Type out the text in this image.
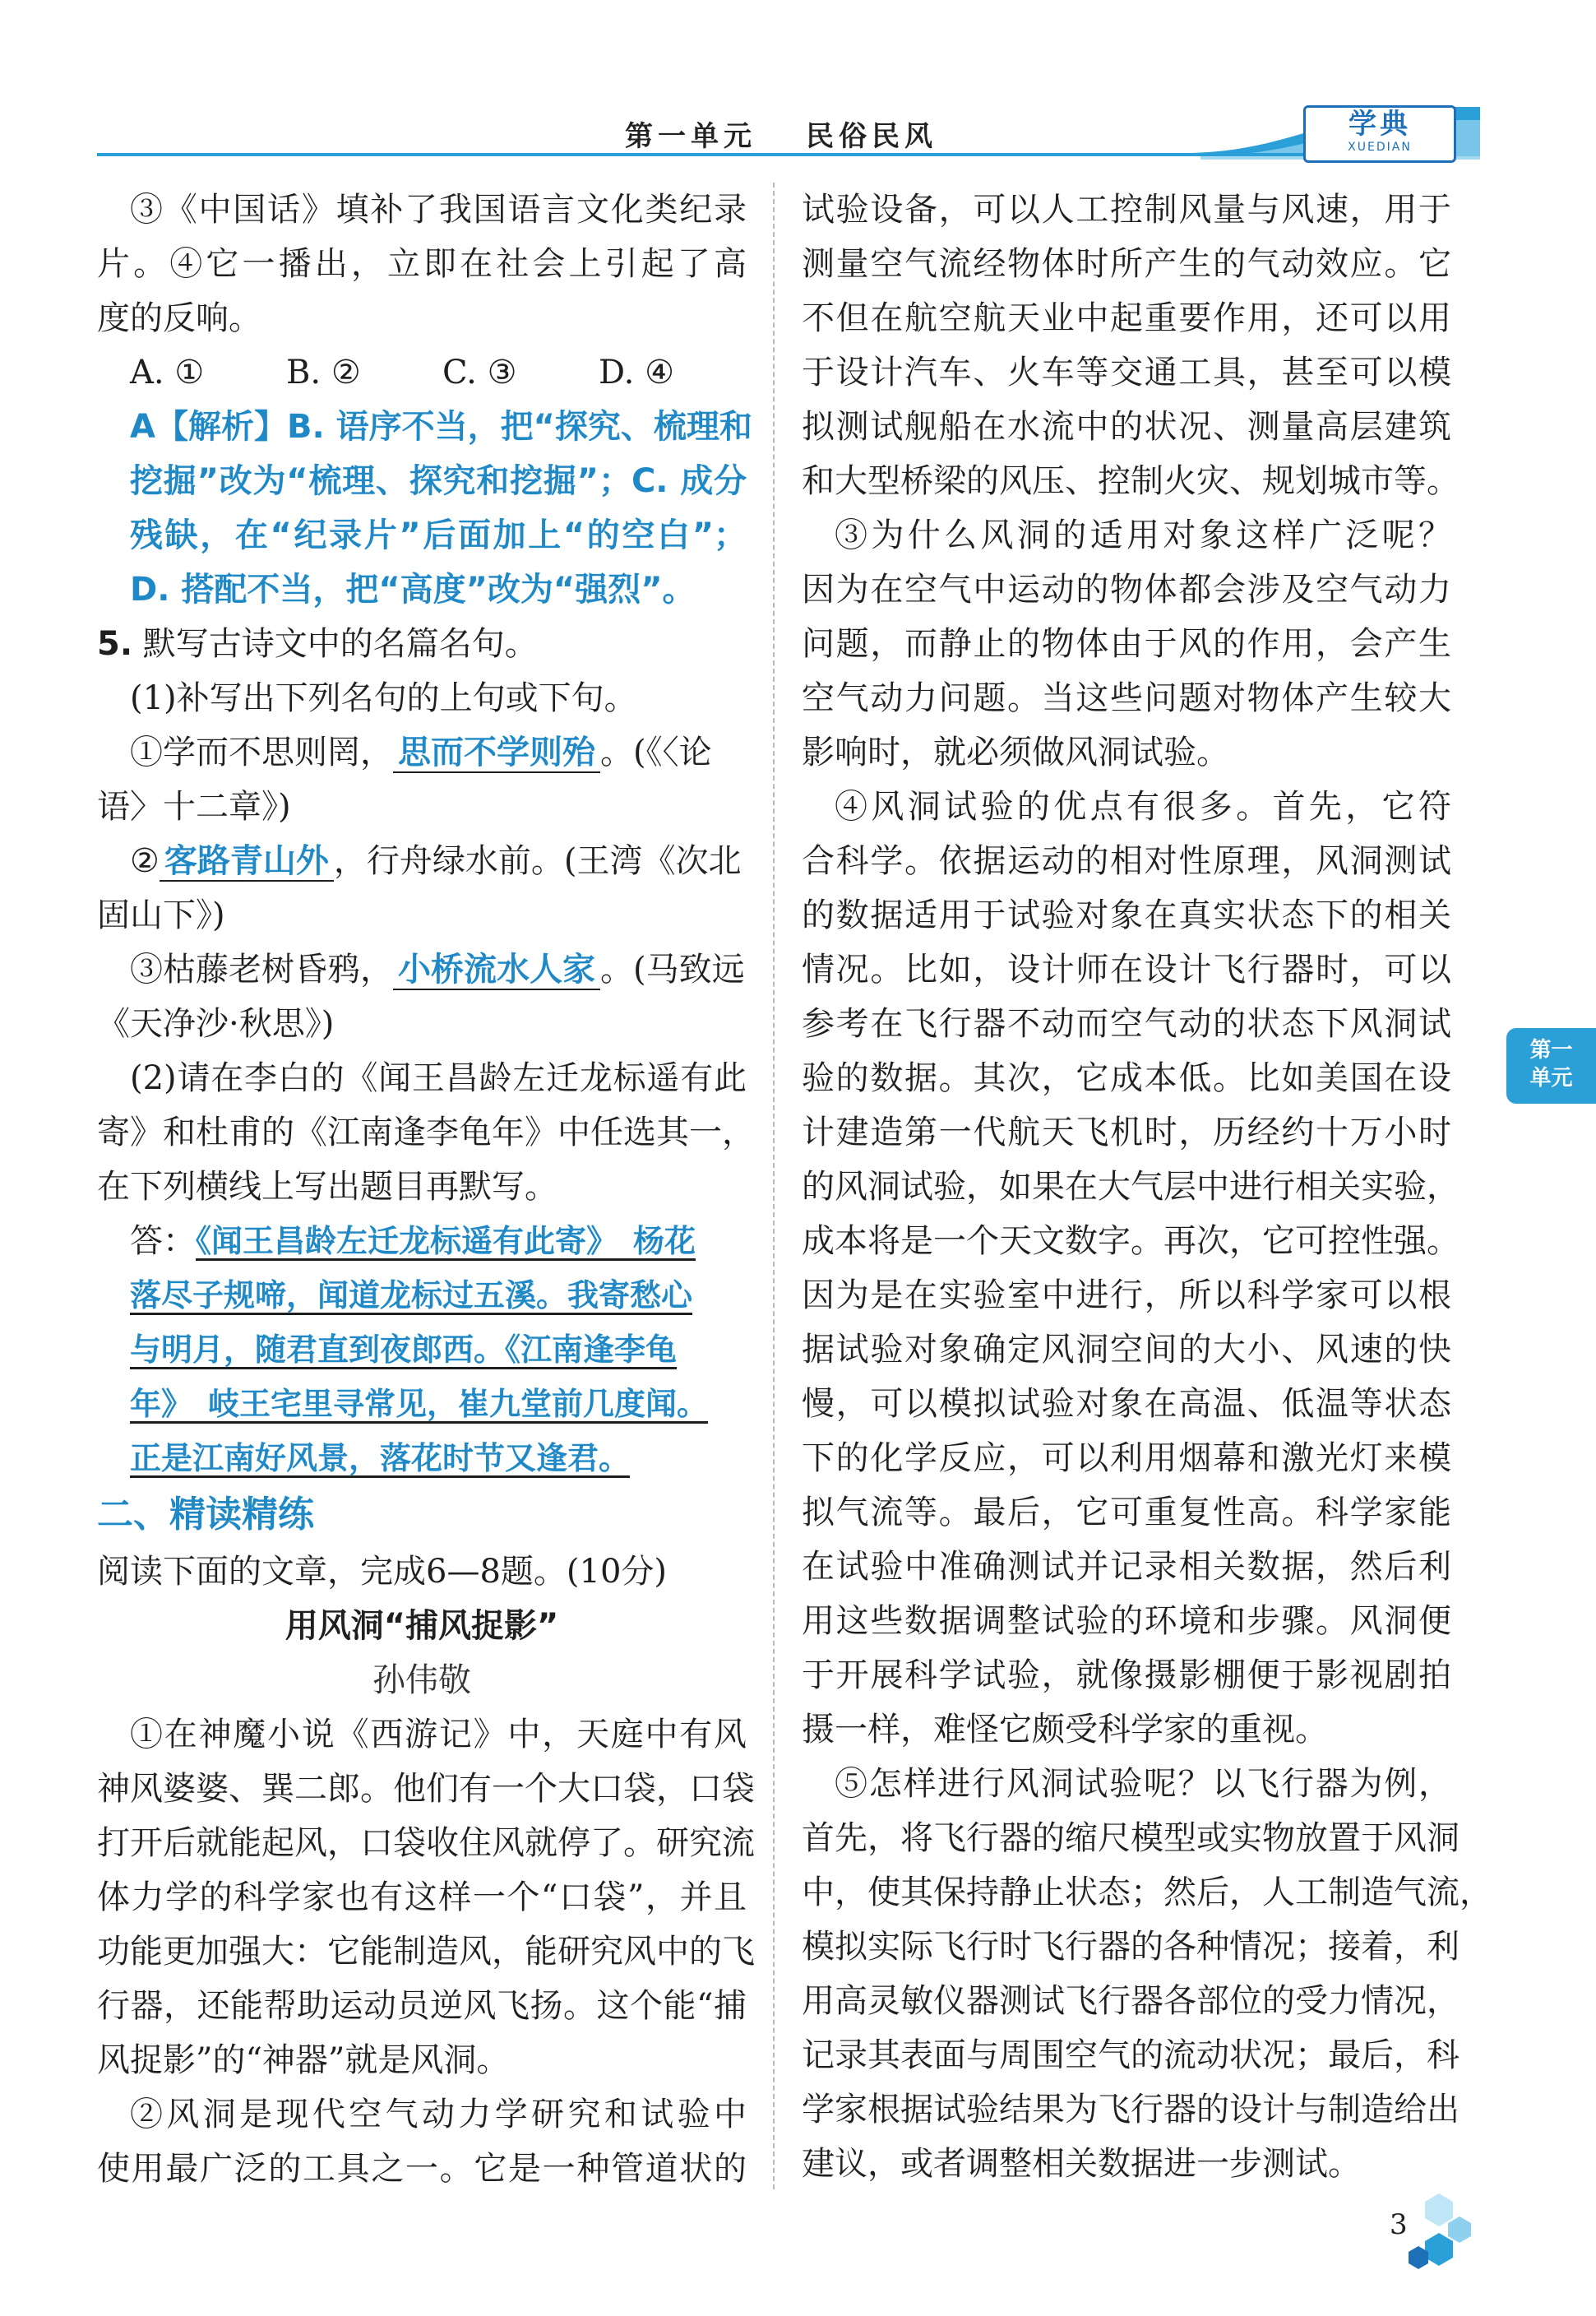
第一单元 民俗民风	学典
XUEDIAN
③《中国话》填补了我国语言文化类纪录
片。④它一播出，立即在社会上引起了高
度的反响。
A. ① B. ② C. ③ D. ④
A【解析】B. 语序不当，把“探究、梳理和
挖掘”改为“梳理、探究和挖掘”；C. 成分
残缺，在“纪录片”后面加上“的空白”；
D. 搭配不当，把“高度”改为“强烈”。
5. 默写古诗文中的名篇名句。
(1)补写出下列名句的上句或下句。
①学而不思则罔， 思而不学则殆 。(《〈论
语〉十二章》)
② 客路青山外 ，行舟绿水前。(王湾《次北
固山下》)
③枯藤老树昏鸦， 小桥流水人家 。(马致远
《天净沙·秋思》)
(2)请在李白的《闻王昌龄左迁龙标遥有此
寄》和杜甫的《江南逢李龟年》中任选其一，
在下列横线上写出题目再默写。
答：《闻王昌龄左迁龙标遥有此寄》　杨花
落尽子规啼，闻道龙标过五溪。我寄愁心
与明月，随君直到夜郎西。《江南逢李龟
年》　岐王宅里寻常见，崔九堂前几度闻。
正是江南好风景，落花时节又逢君。
二、精读精练
阅读下面的文章，完成6—8题。(10分)
用风洞“捕风捉影”
孙伟敬
①在神魔小说《西游记》中，天庭中有风
神风婆婆、巽二郎。他们有一个大口袋，口袋
打开后就能起风，口袋收住风就停了。研究流
体力学的科学家也有这样一个“口袋”，并且
功能更加强大：它能制造风，能研究风中的飞
行器，还能帮助运动员逆风飞扬。这个能“捕
风捉影”的“神器”就是风洞。
②风洞是现代空气动力学研究和试验中
使用最广泛的工具之一。它是一种管道状的
试验设备，可以人工控制风量与风速，用于
测量空气流经物体时所产生的气动效应。它
不但在航空航天业中起重要作用，还可以用
于设计汽车、火车等交通工具，甚至可以模
拟测试舰船在水流中的状况、测量高层建筑
和大型桥梁的风压、控制火灾、规划城市等。
③为什么风洞的适用对象这样广泛呢？
因为在空气中运动的物体都会涉及空气动力
问题，而静止的物体由于风的作用，会产生
空气动力问题。当这些问题对物体产生较大
影响时，就必须做风洞试验。
④风洞试验的优点有很多。首先，它符
合科学。依据运动的相对性原理，风洞测试
的数据适用于试验对象在真实状态下的相关
情况。比如，设计师在设计飞行器时，可以
参考在飞行器不动而空气动的状态下风洞试
验的数据。其次，它成本低。比如美国在设
计建造第一代航天飞机时，历经约十万小时
的风洞试验，如果在大气层中进行相关实验，
成本将是一个天文数字。再次，它可控性强。
因为是在实验室中进行，所以科学家可以根
据试验对象确定风洞空间的大小、风速的快
慢，可以模拟试验对象在高温、低温等状态
下的化学反应，可以利用烟幕和激光灯来模
拟气流等。最后，它可重复性高。科学家能
在试验中准确测试并记录相关数据，然后利
用这些数据调整试验的环境和步骤。风洞便
于开展科学试验，就像摄影棚便于影视剧拍
摄一样，难怪它颇受科学家的重视。
⑤怎样进行风洞试验呢？以飞行器为例，
首先，将飞行器的缩尺模型或实物放置于风洞
中，使其保持静止状态；然后，人工制造气流，
模拟实际飞行时飞行器的各种情况；接着，利
用高灵敏仪器测试飞行器各部位的受力情况，
记录其表面与周围空气的流动状况；最后，科
学家根据试验结果为飞行器的设计与制造给出
建议，或者调整相关数据进一步测试。
第一
单元
3
